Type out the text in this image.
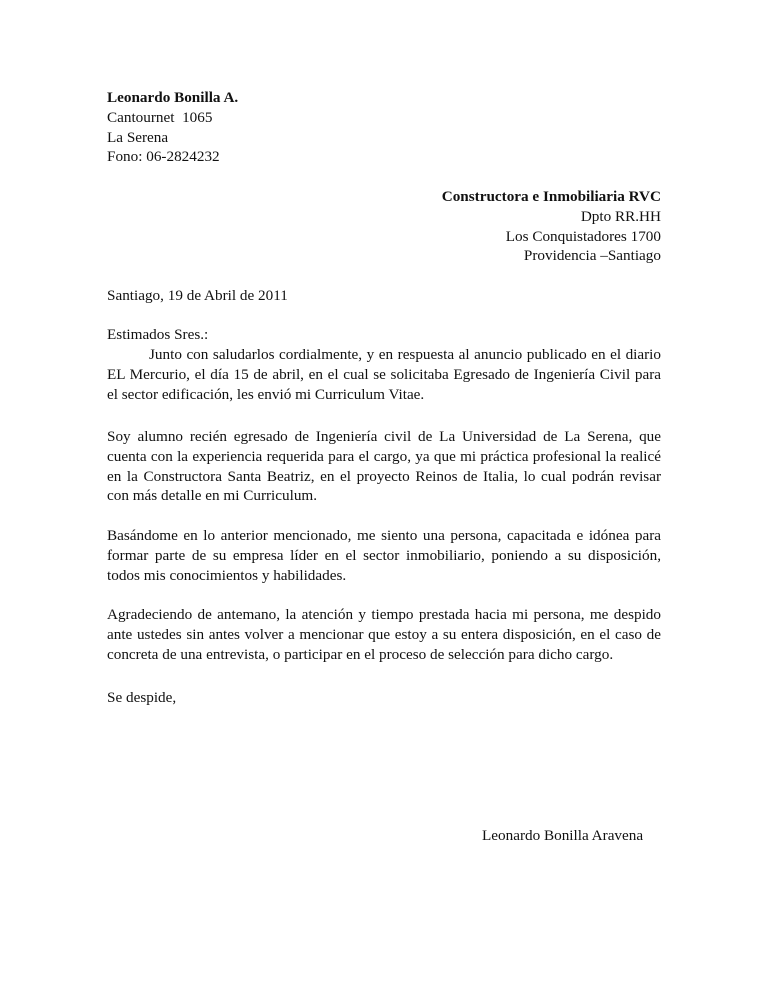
Leonardo Bonilla A.
Cantournet  1065
La Serena
Fono: 06-2824232
Constructora e Inmobiliaria RVC
Dpto RR.HH
Los Conquistadores 1700
Providencia –Santiago
Santiago, 19 de Abril de 2011
Estimados Sres.:
Junto con saludarlos cordialmente, y en respuesta al anuncio publicado en el diario EL Mercurio, el día 15 de abril, en el cual se solicitaba Egresado de Ingeniería Civil para el sector edificación, les envió mi Curriculum Vitae.
Soy alumno recién egresado de Ingeniería civil de La Universidad de La Serena, que cuenta con la experiencia requerida para el cargo, ya que mi práctica profesional la realicé en la Constructora Santa Beatriz, en el proyecto Reinos de Italia, lo cual podrán revisar con más detalle en mi Curriculum.
Basándome en lo anterior mencionado, me siento una persona, capacitada e idónea para formar parte de su empresa líder en el sector inmobiliario, poniendo a su disposición, todos mis conocimientos y habilidades.
Agradeciendo de antemano, la atención y tiempo prestada hacia mi persona, me despido ante ustedes sin antes volver a mencionar que estoy a su entera disposición, en el caso de concreta de una entrevista, o participar en el proceso de selección para dicho cargo.
Se despide,
Leonardo Bonilla Aravena
